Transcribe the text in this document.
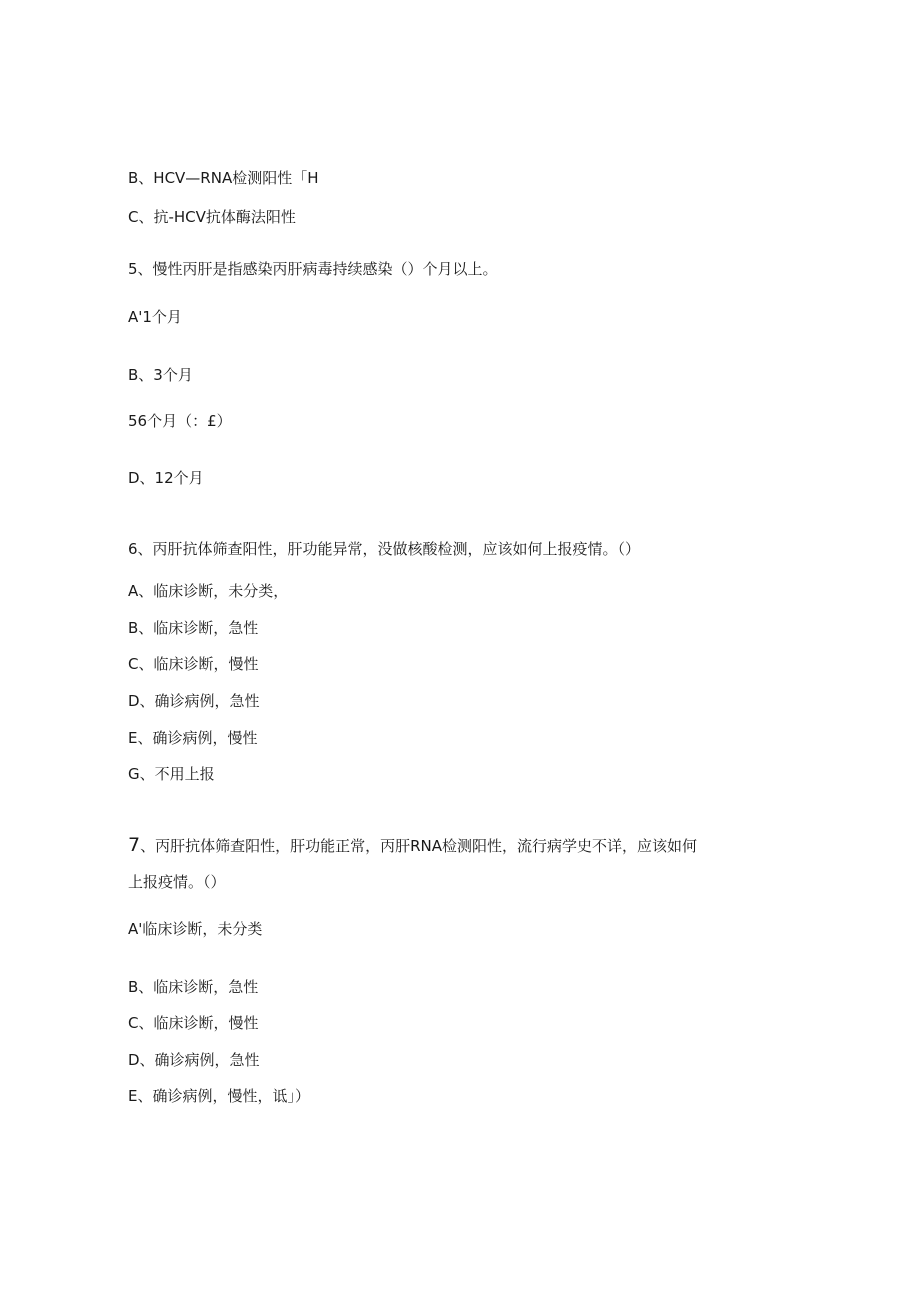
B、HCV—RNA检测阳性「H
C、抗-HCV抗体酶法阳性
5、慢性丙肝是指感染丙肝病毒持续感染（）个月以上。
A'1个月
B、3个月
56个月（：£）
D、12个月
6、丙肝抗体筛查阳性，肝功能异常，没做核酸检测，应该如何上报疫情。（）
A、临床诊断，未分类，
B、临床诊断，急性
C、临床诊断，慢性
D、确诊病例，急性
E、确诊病例，慢性
G、不用上报
7、丙肝抗体筛查阳性，肝功能正常，丙肝RNA检测阳性，流行病学史不详，应该如何
上报疫情。（）
A'临床诊断，未分类
B、临床诊断，急性
C、临床诊断，慢性
D、确诊病例，急性
E、确诊病例，慢性，诋」）
